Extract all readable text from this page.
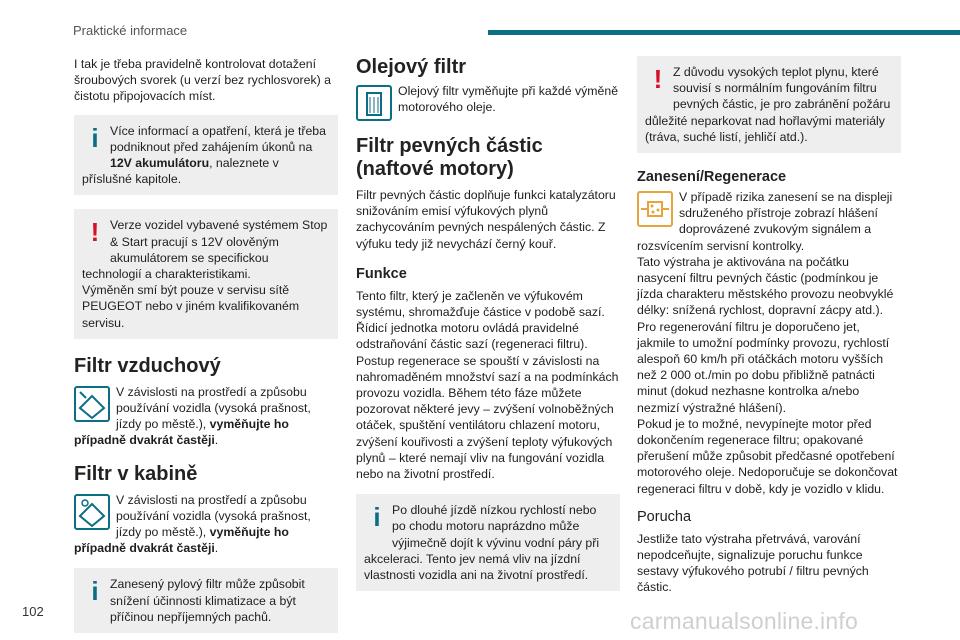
Praktické informace

I tak je třeba pravidelně kontrolovat dotažení šroubových svorek (u verzí bez rychlosvorek) a čistotu připojovacích míst.

i Více informací a opatření, která je třeba podniknout před zahájením úkonů na 12V akumulátoru, naleznete v příslušné kapitole.
! Verze vozidel vybavené systémem Stop & Start pracují s 12V olověným akumulátorem se specifickou technologií a charakteristikami.
Výměněn smí být pouze v servisu sítě PEUGEOT nebo v jiném kvalifikovaném servisu.
Filtr vzduchový

V závislosti na prostředí a způsobu používání vozidla (vysoká prašnost, jízdy po městě.), vyměňujte ho případně dvakrát častěji.

Filtr v kabině

V závislosti na prostředí a způsobu používání vozidla (vysoká prašnost, jízdy po městě.), vyměňujte ho případně dvakrát častěji.

i Zanesený pylový filtr může způsobit snížení účinnosti klimatizace a být příčinou nepříjemných pachů.
Olejový filtr

Olejový filtr vyměňujte při každé výměně motorového oleje.

Filtr pevných částic (naftové motory)

Filtr pevných částic doplňuje funkci katalyzátoru snižováním emisí výfukových plynů zachycováním pevných nespálených částic. Z výfuku tedy již nevychází černý kouř.

Funkce

Tento filtr, který je začleněn ve výfukovém systému, shromažďuje částice v podobě sazí. Řídicí jednotka motoru ovládá pravidelné odstraňování částic sazí (regeneraci filtru). Postup regenerace se spouští v závislosti na nahromaděném množství sazí a na podmínkách provozu vozidla. Během této fáze můžete pozorovat některé jevy – zvýšení volnoběžných otáček, spuštění ventilátoru chlazení motoru, zvýšení kouřivosti a zvýšení teploty výfukových plynů – které nemají vliv na fungování vozidla nebo na životní prostředí.

i Po dlouhé jízdě nízkou rychlostí nebo po chodu motoru naprázdno může výjimečně dojít k vývinu vodní páry při akceleraci. Tento jev nemá vliv na jízdní vlastnosti vozidla ani na životní prostředí.
! Z důvodu vysokých teplot plynu, které souvisí s normálním fungováním filtru pevných částic, je pro zabránění požáru důležité neparkovat nad hořlavými materiály (tráva, suché listí, jehličí atd.).
Zanesení/Regenerace

V případě rizika zanesení se na displeji sdruženého přístroje zobrazí hlášení doprovázené zvukovým signálem a rozsvícením servisní kontrolky.

Tato výstraha je aktivována na počátku nasycení filtru pevných částic (podmínkou je jízda charakteru městského provozu neobvyklé délky: snížená rychlost, dopravní zácpy atd.).

Pro regenerování filtru je doporučeno jet, jakmile to umožní podmínky provozu, rychlostí alespoň 60 km/h při otáčkách motoru vyšších než 2 000 ot./min po dobu přibližně patnácti minut (dokud nezhasne kontrolka a/nebo nezmizí výstražné hlášení).

Pokud je to možné, nevypínejte motor před dokončením regenerace filtru; opakované přerušení může způsobit předčasné opotřebení motorového oleje. Nedoporučuje se dokončovat regeneraci filtru v době, kdy je vozidlo v klidu.

Porucha

Jestliže tato výstraha přetrvává, varování nepodceňujte, signalizuje poruchu funkce sestavy výfukového potrubí / filtru pevných částic.

102	carmanualsonline.info
